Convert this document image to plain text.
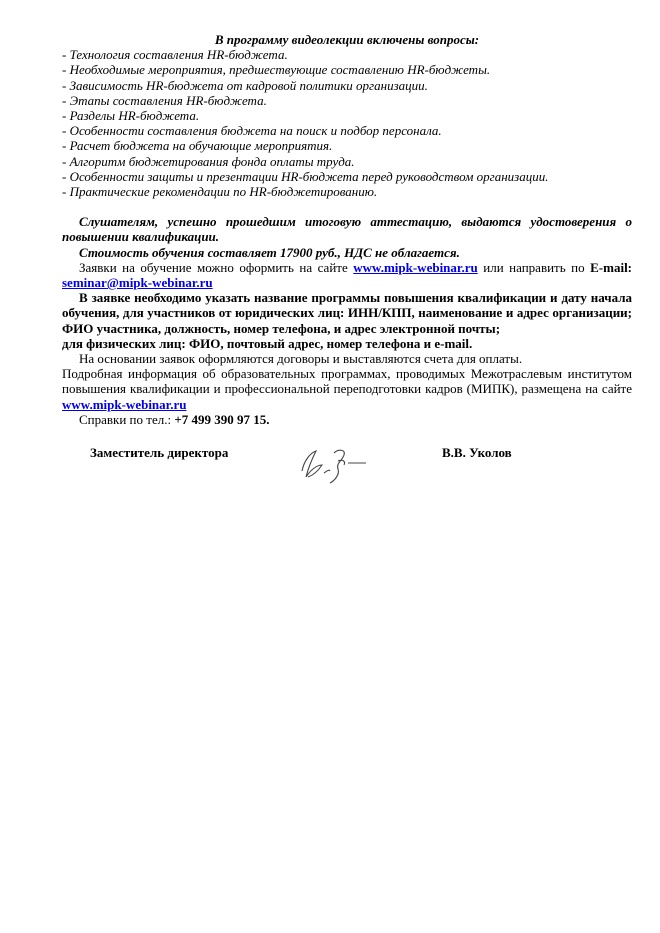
В программу видеолекции включены вопросы:

- Технология составления HR-бюджета.
- Необходимые мероприятия, предшествующие составлению HR-бюджеты.
- Зависимость HR-бюджета от кадровой политики организации.
- Этапы составления HR-бюджета.
- Разделы HR-бюджета.
- Особенности составления бюджета на поиск и подбор персонала.
- Расчет бюджета на обучающие мероприятия.
- Алгоритм бюджетирования фонда оплаты труда.
- Особенности защиты и презентации HR-бюджета перед руководством организации.
- Практические рекомендации по HR-бюджетированию.

Слушателям, успешно прошедшим итоговую аттестацию, выдаются удостоверения о повышении квалификации.

Стоимость обучения составляет 17900 руб., НДС не облагается.

Заявки на обучение можно оформить на сайте www.mipk-webinar.ru или направить по E-mail: seminar@mipk-webinar.ru

В заявке необходимо указать название программы повышения квалификации и дату начала обучения, для участников от юридических лиц: ИНН/КПП, наименование и адрес организации; ФИО участника, должность, номер телефона, и адрес электронной почты;

для физических лиц: ФИО, почтовый адрес, номер телефона и e-mail.

На основании заявок оформляются договоры и выставляются счета для оплаты.

Подробная информация об образовательных программах, проводимых Межотраслевым институтом повышения квалификации и профессиональной переподготовки кадров (МИПК), размещена на сайте www.mipk-webinar.ru

Справки по тел.: +7 499 390 97 15.

Заместитель директора	В.В. Уколов
